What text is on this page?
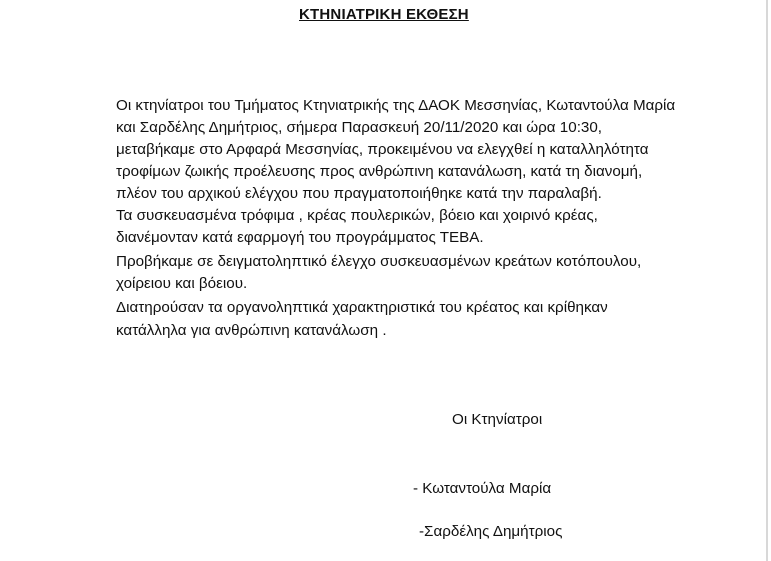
ΚΤΗΝΙΑΤΡΙΚΗ ΕΚΘΕΣΗ
Οι κτηνίατροι του Τμήματος Κτηνιατρικής της ΔΑΟΚ Μεσσηνίας, Κωταντούλα Μαρία
και Σαρδέλης Δημήτριος, σήμερα Παρασκευή 20/11/2020 και ώρα 10:30,
μεταβήκαμε στο Αρφαρά Μεσσηνίας, προκειμένου να ελεγχθεί η καταλληλότητα
τροφίμων ζωικής προέλευσης προς ανθρώπινη κατανάλωση, κατά τη διανομή,
πλέον του αρχικού ελέγχου που πραγματοποιήθηκε κατά την παραλαβή.
Τα συσκευασμένα τρόφιμα , κρέας πουλερικών, βόειο και χοιρινό κρέας,
διανέμονταν κατά εφαρμογή του προγράμματος ΤΕΒΑ.
Προβήκαμε σε δειγματοληπτικό έλεγχο συσκευασμένων κρεάτων κοτόπουλου,
χοίρειου και βόειου.
Διατηρούσαν τα οργανοληπτικά χαρακτηριστικά του κρέατος και κρίθηκαν
κατάλληλα για ανθρώπινη κατανάλωση .
Οι Κτηνίατροι
- Κωταντούλα Μαρία
-Σαρδέλης Δημήτριος
